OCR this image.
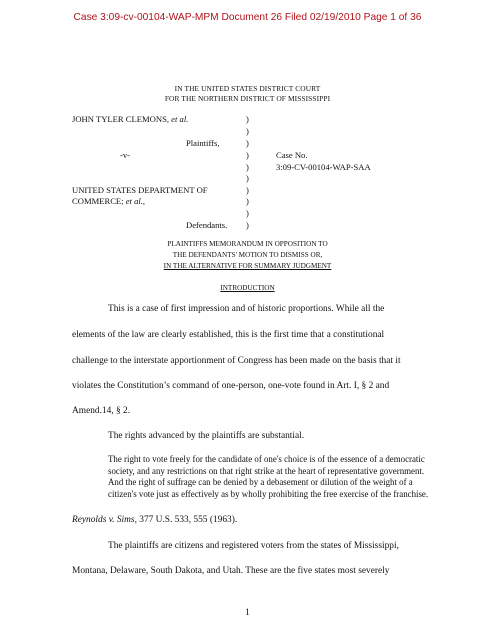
Case 3:09-cv-00104-WAP-MPM Document 26 Filed 02/19/2010 Page 1 of 36
IN THE UNITED STATES DISTRICT COURT
FOR THE NORTHERN DISTRICT OF MISSISSIPPI
JOHN TYLER CLEMONS, et al.
Plaintiffs,
-v-
UNITED STATES DEPARTMENT OF
COMMERCE; et al.,
Defendants.
)
)
)
)
)
)
)
)
)
)
Case No.
3:09-CV-00104-WAP-SAA
PLAINTIFFS MEMORANDUM IN OPPOSITION TO
THE DEFENDANTS' MOTION TO DISMISS OR,
IN THE ALTERNATIVE FOR SUMMARY JUDGMENT
INTRODUCTION
This is a case of first impression and of historic proportions. While all the
elements of the law are clearly established, this is the first time that a constitutional
challenge to the interstate apportionment of Congress has been made on the basis that it
violates the Constitution’s command of one-person, one-vote found in Art. I, § 2 and
Amend.14, § 2.
The rights advanced by the plaintiffs are substantial.
The right to vote freely for the candidate of one's choice is of the essence of a democratic society, and any restrictions on that right strike at the heart of representative government. And the right of suffrage can be denied by a debasement or dilution of the weight of a citizen's vote just as effectively as by wholly prohibiting the free exercise of the franchise.
Reynolds v. Sims, 377 U.S. 533, 555 (1963).
The plaintiffs are citizens and registered voters from the states of Mississippi,
Montana, Delaware, South Dakota, and Utah. These are the five states most severely
1
